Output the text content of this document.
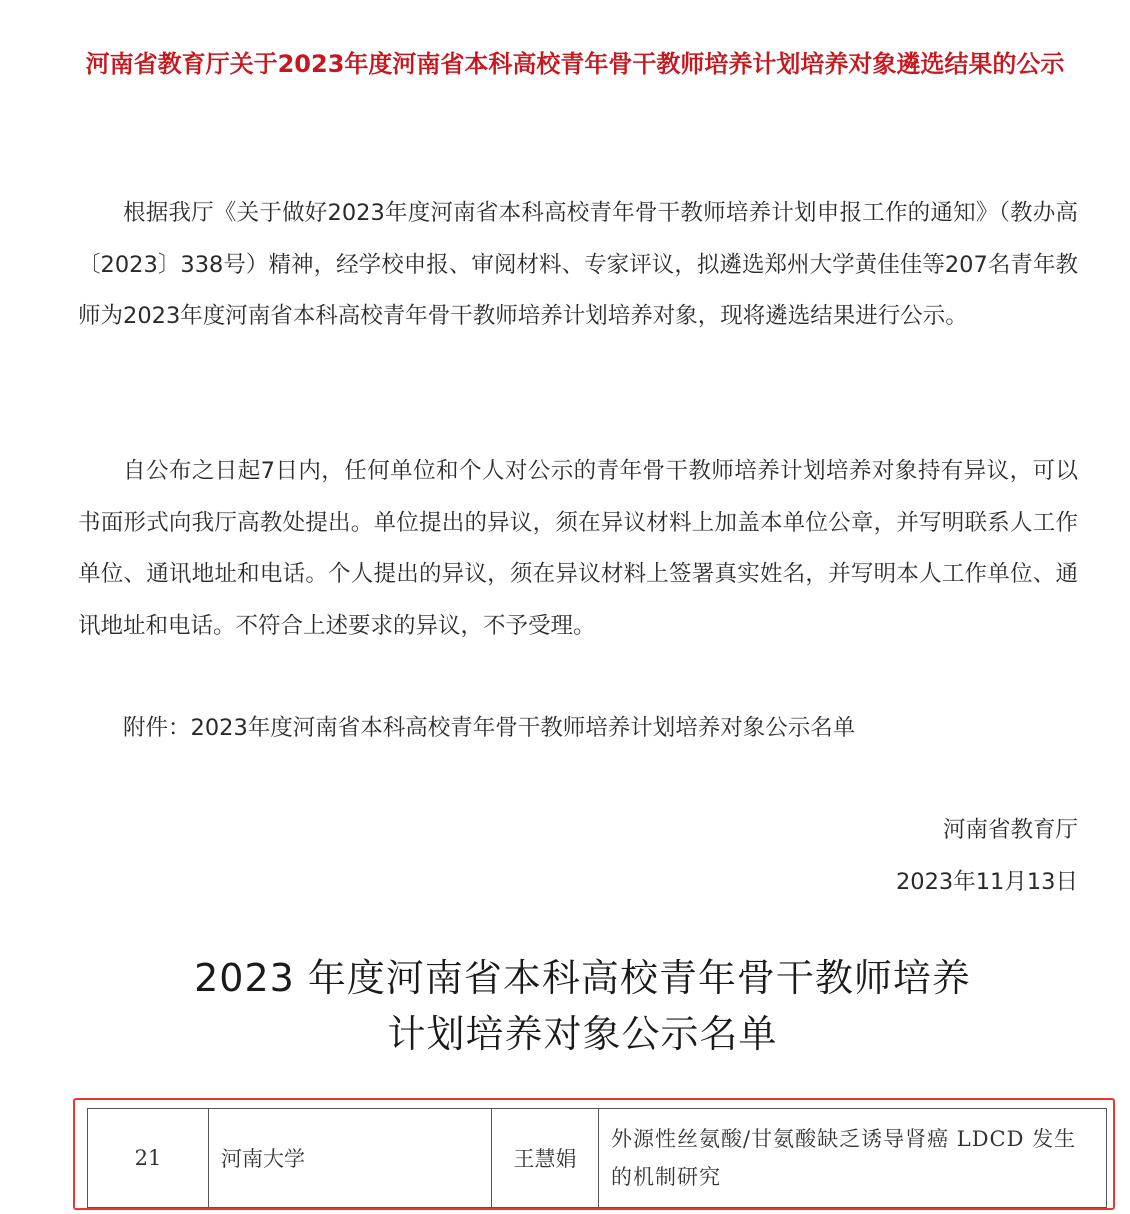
河南省教育厅关于2023年度河南省本科高校青年骨干教师培养计划培养对象遴选结果的公示
根据我厅《关于做好2023年度河南省本科高校青年骨干教师培养计划申报工作的通知》（教办高〔2023〕338号）精神，经学校申报、审阅材料、专家评议，拟遴选郑州大学黄佳佳等207名青年教师为2023年度河南省本科高校青年骨干教师培养计划培养对象，现将遴选结果进行公示。
自公布之日起7日内，任何单位和个人对公示的青年骨干教师培养计划培养对象持有异议，可以书面形式向我厅高教处提出。单位提出的异议，须在异议材料上加盖本单位公章，并写明联系人工作单位、通讯地址和电话。个人提出的异议，须在异议材料上签署真实姓名，并写明本人工作单位、通讯地址和电话。不符合上述要求的异议，不予受理。
附件：2023年度河南省本科高校青年骨干教师培养计划培养对象公示名单
河南省教育厅
2023年11月13日
2023 年度河南省本科高校青年骨干教师培养
计划培养对象公示名单
21	河南大学	王慧娟	外源性丝氨酸/甘氨酸缺乏诱导肾癌 LDCD 发生的机制研究
